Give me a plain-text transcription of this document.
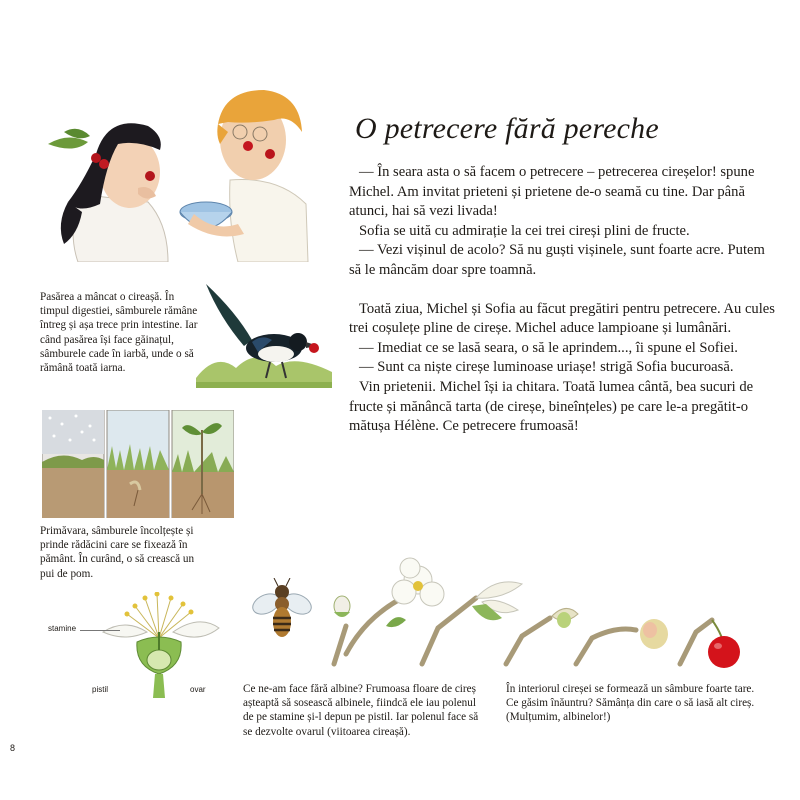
O petrecere fără pereche

— În seara asta o să facem o petrecere – petrecerea cireșelor! spune Michel. Am invitat prieteni și prietene de-o seamă cu tine. Dar până atunci, hai să vezi livada!

Sofia se uită cu admirație la cei trei cireși plini de fructe.

— Vezi vișinul de acolo? Să nu guști vișinele, sunt foarte acre. Putem să le mâncăm doar spre toamnă.

Toată ziua, Michel și Sofia au făcut pregătiri pentru petrecere. Au cules trei coșulețe pline de cireșe. Michel aduce lampioane și lumânări.

— Imediat ce se lasă seara, o să le aprindem..., îi spune el Sofiei.

— Sunt ca niște cireșe luminoase uriașe! strigă Sofia bucuroasă.

Vin prietenii. Michel își ia chitara. Toată lumea cântă, bea sucuri de fructe și mănâncă tarta (de cireșe, bineînțeles) pe care le-a pregătit-o mătușa Hélène. Ce petrecere frumoasă!

Pasărea a mâncat o cireașă. În timpul digestiei, sâmburele rămâne întreg și așa trece prin intestine. Iar când pasărea își face găinațul, sâmburele cade în iarbă, unde o să rămână toată iarna.
Primăvara, sâmburele încolțește și prinde rădăcini care se fixează în pământ. În curând, o să crească un pui de pom.
stamine
pistil	ovar	Ce ne-am face fără albine? Frumoasa floare de cireș așteaptă să sosească albinele, fiindcă ele iau polenul de pe stamine și-l depun pe pistil. Iar polenul face să se dezvolte ovarul (viitoarea cireașă).
În interiorul cireșei se formează un sâmbure foarte tare. Ce găsim înăuntru? Sămânța din care o să iasă alt cireș. (Mulțumim, albinelor!)
8
